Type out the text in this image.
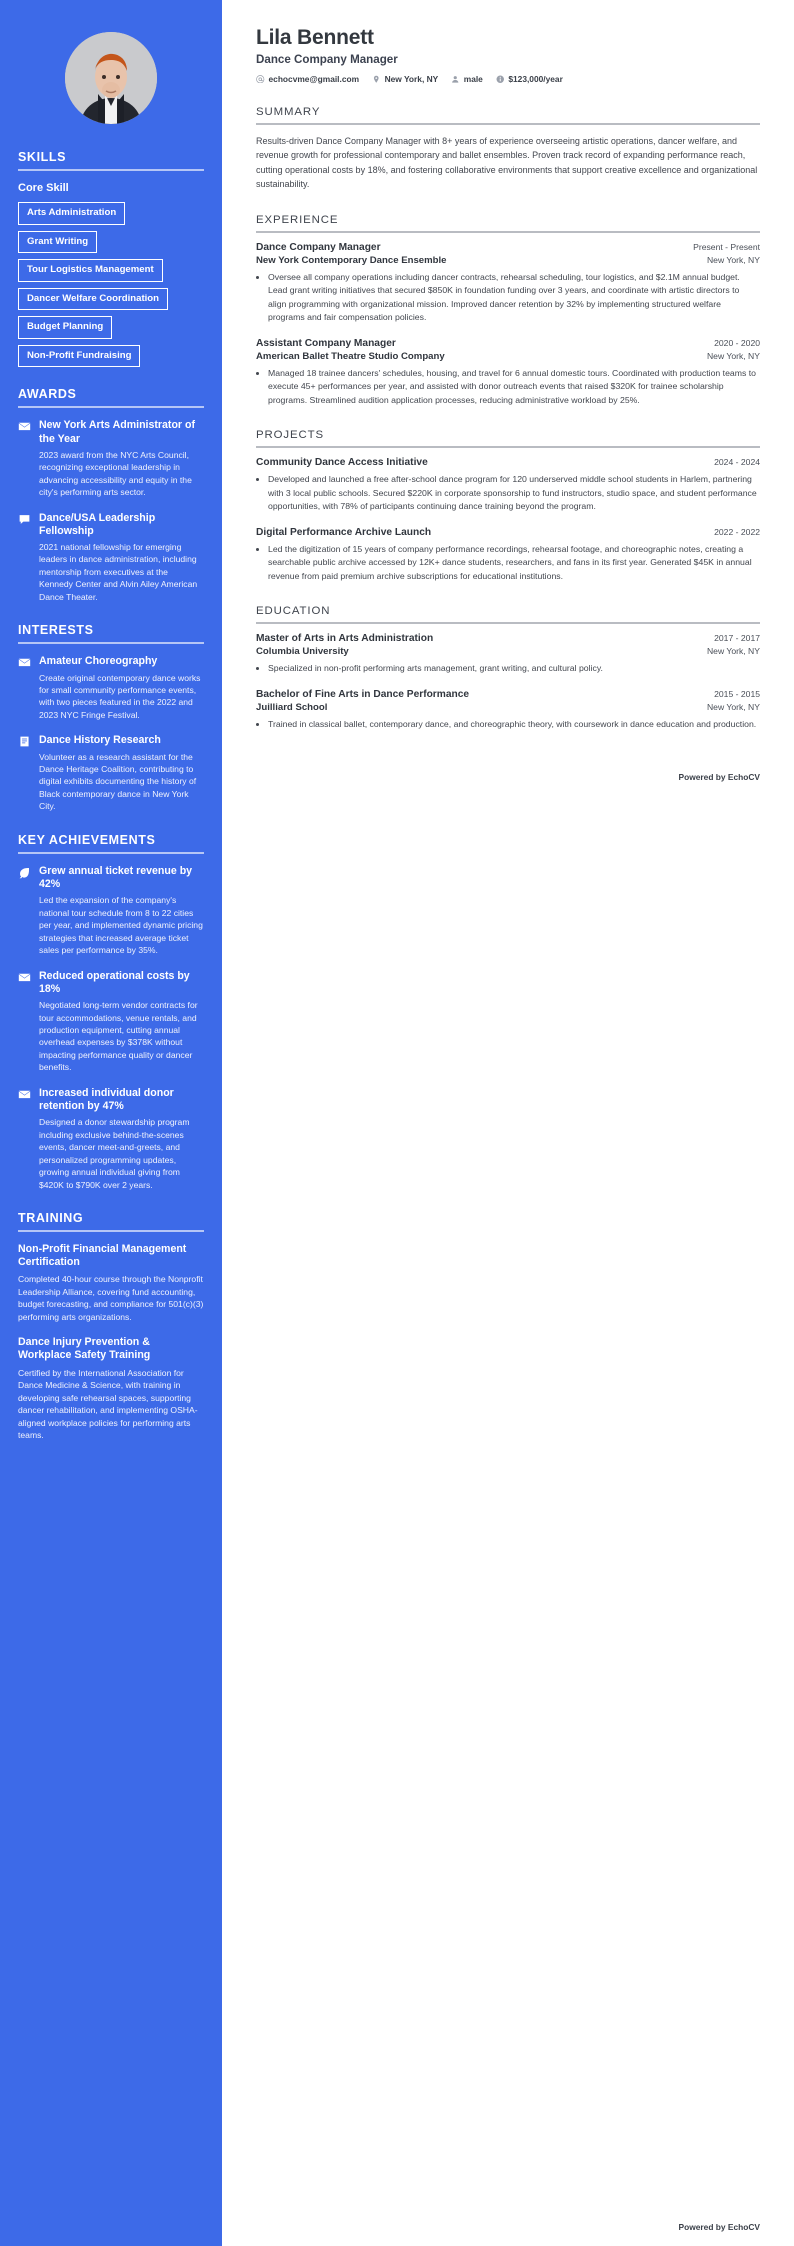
SKILLS
Core Skill
Arts Administration
Grant Writing
Tour Logistics Management
Dancer Welfare Coordination
Budget Planning
Non-Profit Fundraising
AWARDS
New York Arts Administrator of the Year
2023 award from the NYC Arts Council, recognizing exceptional leadership in advancing accessibility and equity in the city's performing arts sector.
Dance/USA Leadership Fellowship
2021 national fellowship for emerging leaders in dance administration, including mentorship from executives at the Kennedy Center and Alvin Ailey American Dance Theater.
INTERESTS
Amateur Choreography
Create original contemporary dance works for small community performance events, with two pieces featured in the 2022 and 2023 NYC Fringe Festival.
Dance History Research
Volunteer as a research assistant for the Dance Heritage Coalition, contributing to digital exhibits documenting the history of Black contemporary dance in New York City.
KEY ACHIEVEMENTS
Grew annual ticket revenue by 42%
Led the expansion of the company's national tour schedule from 8 to 22 cities per year, and implemented dynamic pricing strategies that increased average ticket sales per performance by 35%.
Reduced operational costs by 18%
Negotiated long-term vendor contracts for tour accommodations, venue rentals, and production equipment, cutting annual overhead expenses by $378K without impacting performance quality or dancer benefits.
Increased individual donor retention by 47%
Designed a donor stewardship program including exclusive behind-the-scenes events, dancer meet-and-greets, and personalized programming updates, growing annual individual giving from $420K to $790K over 2 years.
TRAINING
Non-Profit Financial Management Certification
Completed 40-hour course through the Nonprofit Leadership Alliance, covering fund accounting, budget forecasting, and compliance for 501(c)(3) performing arts organizations.
Dance Injury Prevention & Workplace Safety Training
Certified by the International Association for Dance Medicine & Science, with training in developing safe rehearsal spaces, supporting dancer rehabilitation, and implementing OSHA-aligned workplace policies for performing arts teams.
Lila Bennett
Dance Company Manager
echocvme@gmail.com	New York, NY	male	$123,000/year
SUMMARY

Results-driven Dance Company Manager with 8+ years of experience overseeing artistic operations, dancer welfare, and revenue growth for professional contemporary and ballet ensembles. Proven track record of expanding performance reach, cutting operational costs by 18%, and fostering collaborative environments that support creative excellence and organizational sustainability.

EXPERIENCE
Dance Company Manager	Present - Present
New York Contemporary Dance Ensemble	New York, NY
• Oversee all company operations including dancer contracts, rehearsal scheduling, tour logistics, and $2.1M annual budget. Lead grant writing initiatives that secured $850K in foundation funding over 3 years, and coordinate with artistic directors to align programming with organizational mission. Improved dancer retention by 32% by implementing structured welfare programs and fair compensation policies.
Assistant Company Manager	2020 - 2020
American Ballet Theatre Studio Company	New York, NY
• Managed 18 trainee dancers' schedules, housing, and travel for 6 annual domestic tours. Coordinated with production teams to execute 45+ performances per year, and assisted with donor outreach events that raised $320K for trainee scholarship programs. Streamlined audition application processes, reducing administrative workload by 25%.
PROJECTS
Community Dance Access Initiative	2024 - 2024
• Developed and launched a free after-school dance program for 120 underserved middle school students in Harlem, partnering with 3 local public schools. Secured $220K in corporate sponsorship to fund instructors, studio space, and student performance opportunities, with 78% of participants continuing dance training beyond the program.
Digital Performance Archive Launch	2022 - 2022
• Led the digitization of 15 years of company performance recordings, rehearsal footage, and choreographic notes, creating a searchable public archive accessed by 12K+ dance students, researchers, and fans in its first year. Generated $45K in annual revenue from paid premium archive subscriptions for educational institutions.
EDUCATION
Master of Arts in Arts Administration	2017 - 2017
Columbia University	New York, NY
• Specialized in non-profit performing arts management, grant writing, and cultural policy.
Bachelor of Fine Arts in Dance Performance	2015 - 2015
Juilliard School	New York, NY
• Trained in classical ballet, contemporary dance, and choreographic theory, with coursework in dance education and production.
Powered by EchoCV
Powered by EchoCV
